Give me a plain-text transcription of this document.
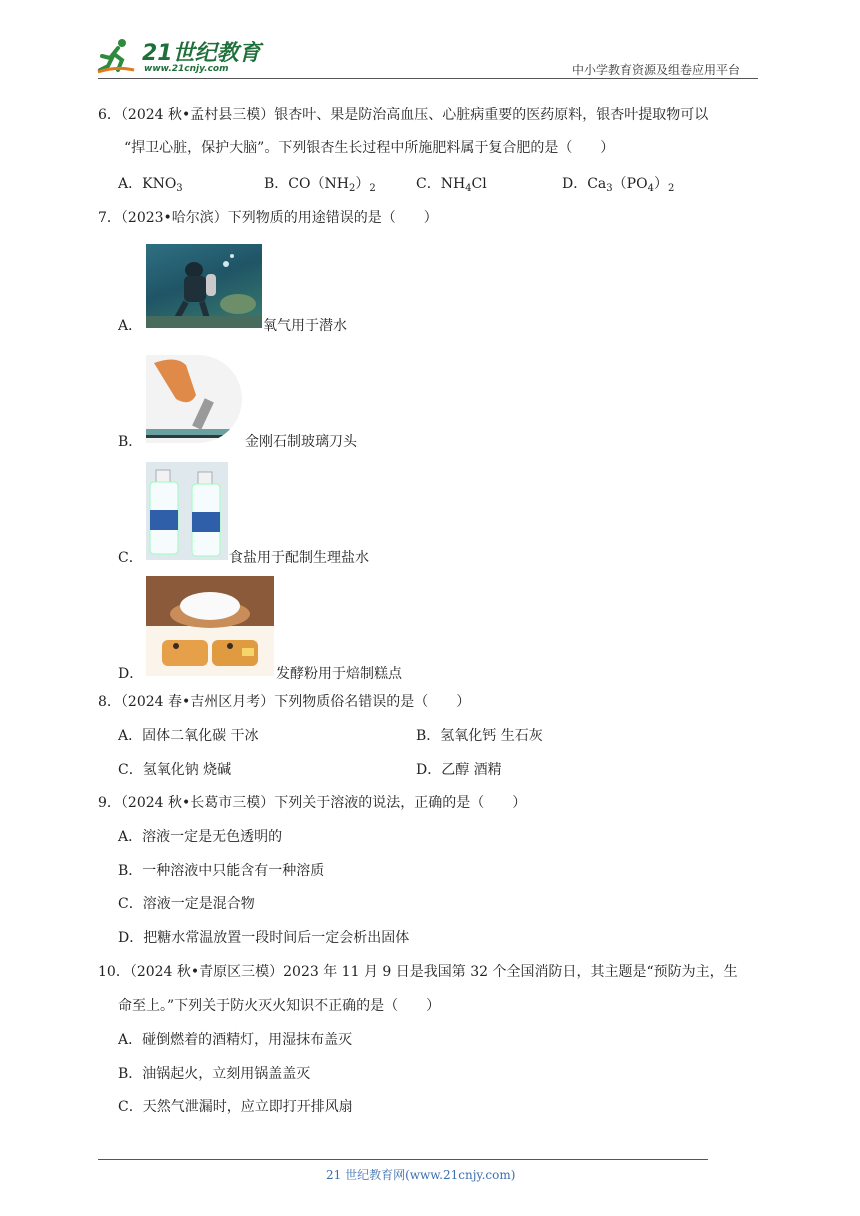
21世纪教育
www.21cnjy.com	中小学教育资源及组卷应用平台
6．（2024 秋•孟村县三模）银杏叶、果是防治高血压、心脏病重要的医药原料，银杏叶提取物可以
“捍卫心脏，保护大脑”。下列银杏生长过程中所施肥料属于复合肥的是（　　）
A．$KNO_3$	B．$CO(NH_2)_2$	C．$NH_4Cl$	D．$Ca_3(PO_4)_2$
7．（2023•哈尔滨）下列物质的用途错误的是（　　）
A．	氧气用于潜水
B．	金刚石制玻璃刀头
C．	食盐用于配制生理盐水
D．	发酵粉用于焙制糕点
8．（2024 春•吉州区月考）下列物质俗名错误的是（　　）
A．固体二氧化碳 干冰	B．氢氧化钙 生石灰
C．氢氧化钠 烧碱	D．乙醇 酒精
9．（2024 秋•长葛市三模）下列关于溶液的说法，正确的是（　　）
A．溶液一定是无色透明的
B．一种溶液中只能含有一种溶质
C．溶液一定是混合物
D．把糖水常温放置一段时间后一定会析出固体
10．（2024 秋•青原区三模）2023 年 11 月 9 日是我国第 32 个全国消防日，其主题是“预防为主，生
命至上。”下列关于防火灭火知识不正确的是（　　）
A．碰倒燃着的酒精灯，用湿抹布盖灭
B．油锅起火，立刻用锅盖盖灭
C．天然气泄漏时，应立即打开排风扇
21 世纪教育网(www.21cnjy.com)
